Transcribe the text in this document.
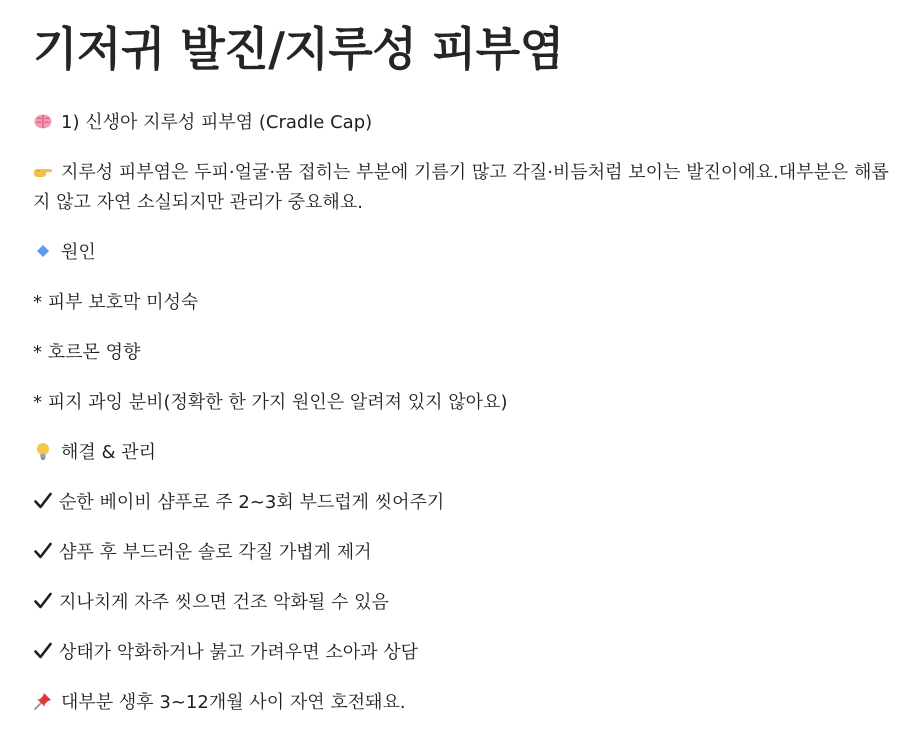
기저귀 발진/지루성 피부염
1) 신생아 지루성 피부염 (Cradle Cap)
지루성 피부염은 두피·얼굴·몸 접히는 부분에 기름기 많고 각질·비듬처럼 보이는 발진이에요.대부분은 해롭지 않고 자연 소실되지만 관리가 중요해요.
원인
* 피부 보호막 미성숙
* 호르몬 영향
* 피지 과잉 분비(정확한 한 가지 원인은 알려져 있지 않아요)
해결 & 관리
순한 베이비 샴푸로 주 2~3회 부드럽게 씻어주기
샴푸 후 부드러운 솔로 각질 가볍게 제거
지나치게 자주 씻으면 건조 악화될 수 있음
상태가 악화하거나 붉고 가려우면 소아과 상담
대부분 생후 3~12개월 사이 자연 호전돼요.
